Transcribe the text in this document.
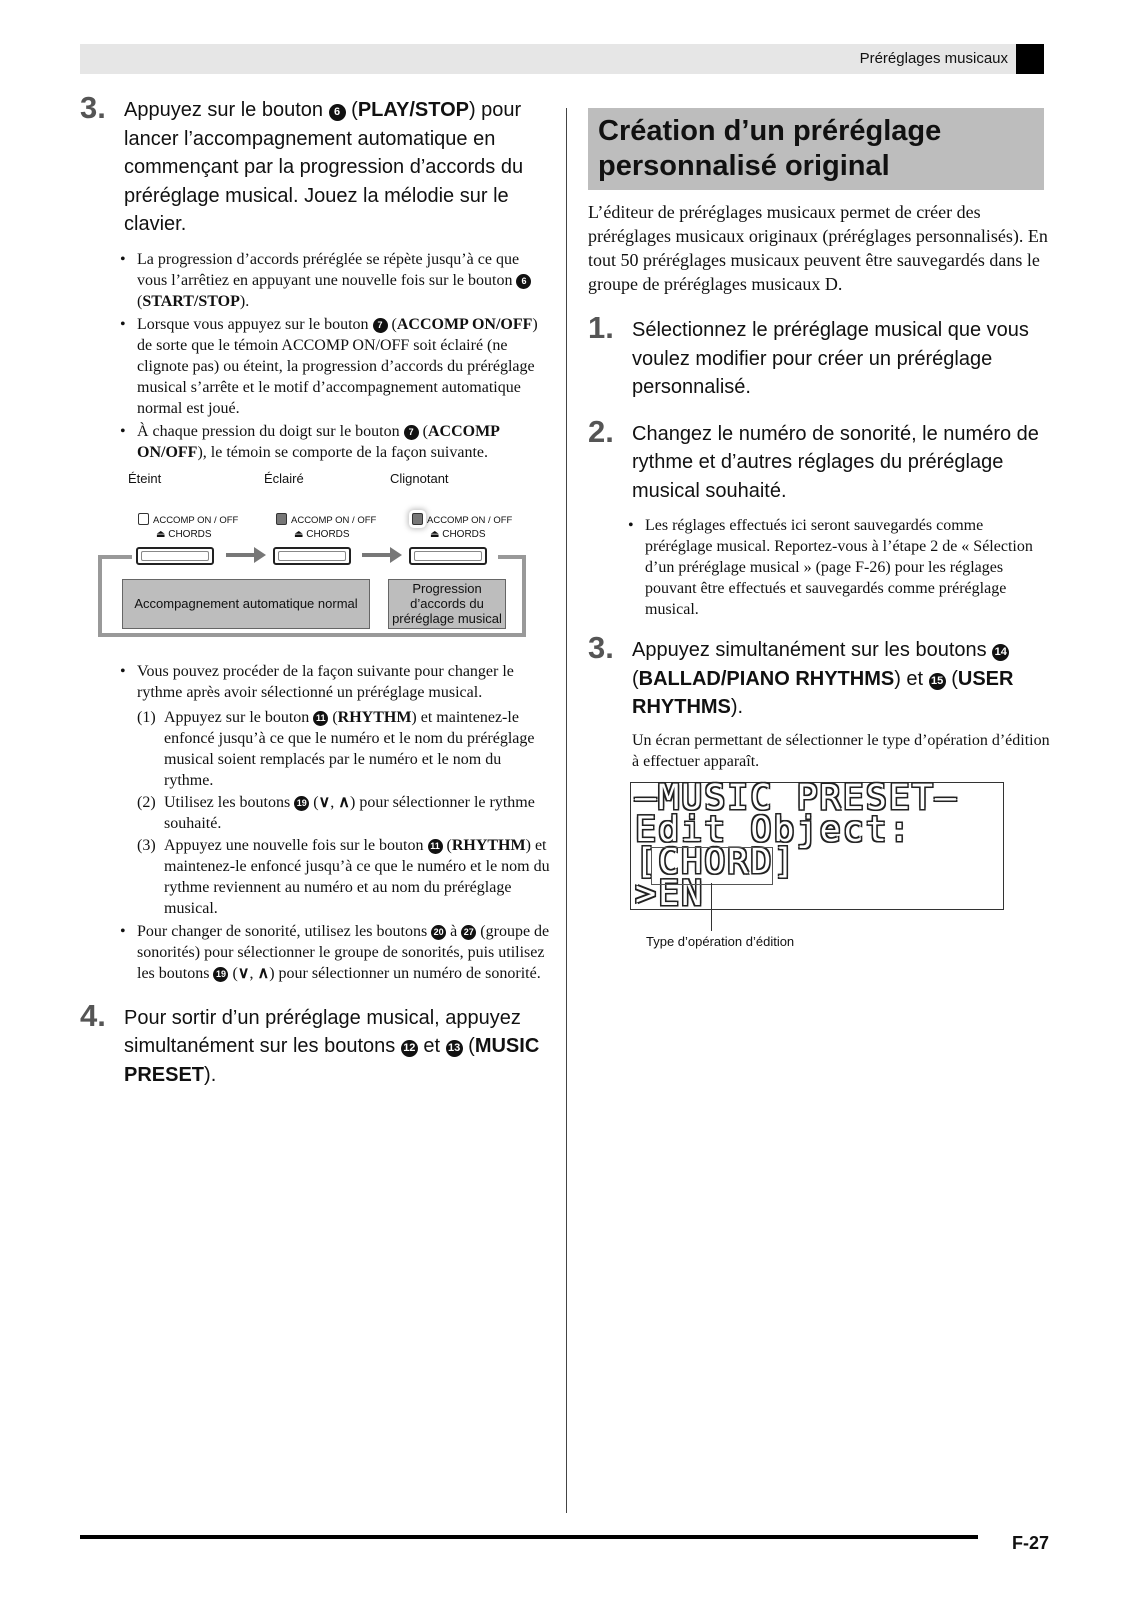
Préréglages musicaux
3. Appuyez sur le bouton 6 (PLAY/STOP) pour lancer l’accompagnement automatique en commençant par la progression d’accords du préréglage musical. Jouez la mélodie sur le clavier.
• La progression d’accords préréglée se répète jusqu’à ce que vous l’arrêtiez en appuyant une nouvelle fois sur le bouton 6 (START/STOP).
• Lorsque vous appuyez sur le bouton 7 (ACCOMP ON/OFF) de sorte que le témoin ACCOMP ON/OFF soit éclairé (ne clignote pas) ou éteint, la progression d’accords du préréglage musical s’arrête et le motif d’accompagnement automatique normal est joué.
• À chaque pression du doigt sur le bouton 7 (ACCOMP ON/OFF), le témoin se comporte de la façon suivante.
Éteint	Éclairé	Clignotant
ACCOMP ON / OFF
⏏ CHORDS
ACCOMP ON / OFF
⏏ CHORDS
ACCOMP ON / OFF
⏏ CHORDS
Accompagnement automatique normal
Progression d’accords du préréglage musical
• Vous pouvez procéder de la façon suivante pour changer le rythme après avoir sélectionné un préréglage musical.
(1) Appuyez sur le bouton 11 (RHYTHM) et maintenez-le enfoncé jusqu’à ce que le numéro et le nom du préréglage musical soient remplacés par le numéro et le nom du rythme.
(2) Utilisez les boutons 19 (∨, ∧) pour sélectionner le rythme souhaité.
(3) Appuyez une nouvelle fois sur le bouton 11 (RHYTHM) et maintenez-le enfoncé jusqu’à ce que le numéro et le nom du rythme reviennent au numéro et au nom du préréglage musical.
• Pour changer de sonorité, utilisez les boutons 20 à 27 (groupe de sonorités) pour sélectionner le groupe de sonorités, puis utilisez les boutons 19 (∨, ∧) pour sélectionner un numéro de sonorité.
4. Pour sortir d’un préréglage musical, appuyez simultanément sur les boutons 12 et 13 (MUSIC PRESET).
Création d’un préréglage personnalisé original

L’éditeur de préréglages musicaux permet de créer des préréglages musicaux originaux (préréglages personnalisés). En tout 50 préréglages musicaux peuvent être sauvegardés dans le groupe de préréglages musicaux D.

1. Sélectionnez le préréglage musical que vous voulez modifier pour créer un préréglage personnalisé.
2. Changez le numéro de sonorité, le numéro de rythme et d’autres réglages du préréglage musical souhaité.
• Les réglages effectués ici seront sauvegardés comme préréglage musical. Reportez-vous à l’étape 2 de « Sélection d’un préréglage musical » (page F-26) pour les réglages pouvant être effectués et sauvegardés comme préréglage musical.
3. Appuyez simultanément sur les boutons 14 (BALLAD/PIANO RHYTHMS) et 15 (USER RHYTHMS).

Un écran permettant de sélectionner le type d’opération d’édition à effectuer apparaît.

–MUSIC PRESET–
Edit Object:
[CHORD]
>EN
Type d’opération d’édition
F-27
